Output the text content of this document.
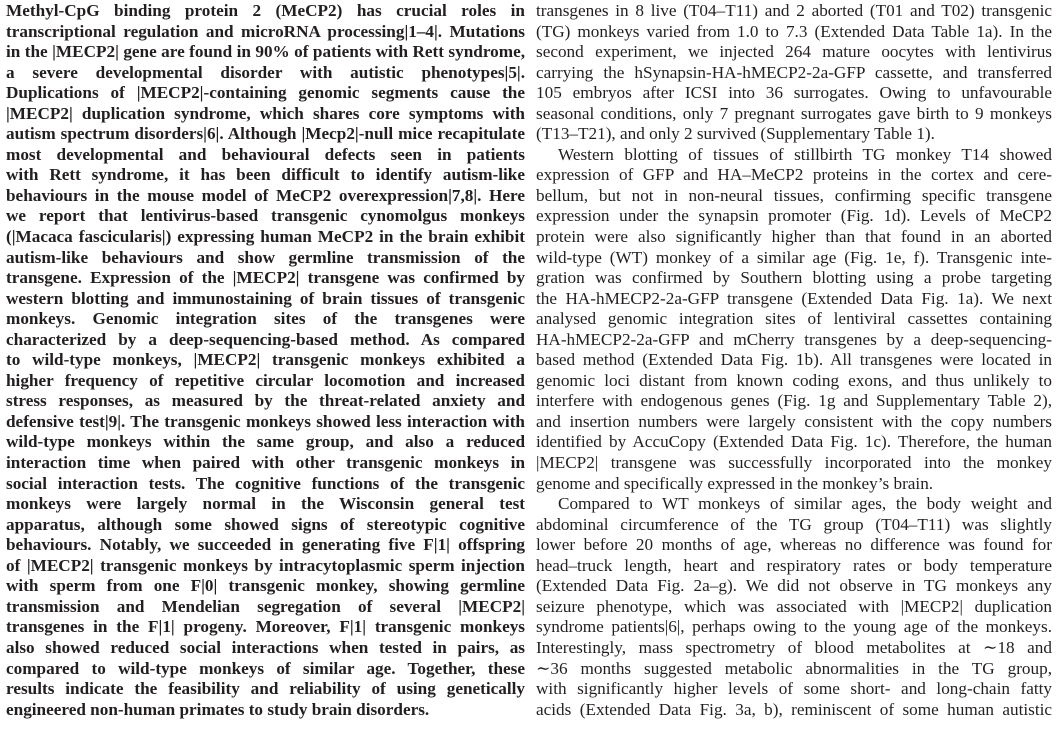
Methyl-CpG binding protein 2 (MeCP2) has crucial roles in
transcriptional regulation and microRNA processing|1–4|. Mutations
in the |MECP2| gene are found in 90% of patients with Rett syndrome,
a severe developmental disorder with autistic phenotypes|5|.
Duplications of |MECP2|-containing genomic segments cause the
|MECP2| duplication syndrome, which shares core symptoms with
autism spectrum disorders|6|. Although |Mecp2|-null mice recapitulate
most developmental and behavioural defects seen in patients
with Rett syndrome, it has been difficult to identify autism-like
behaviours in the mouse model of MeCP2 overexpression|7,8|. Here
we report that lentivirus-based transgenic cynomolgus monkeys
(|Macaca fascicularis|) expressing human MeCP2 in the brain exhibit
autism-like behaviours and show germline transmission of the
transgene. Expression of the |MECP2| transgene was confirmed by
western blotting and immunostaining of brain tissues of transgenic
monkeys. Genomic integration sites of the transgenes were
characterized by a deep-sequencing-based method. As compared
to wild-type monkeys, |MECP2| transgenic monkeys exhibited a
higher frequency of repetitive circular locomotion and increased
stress responses, as measured by the threat-related anxiety and
defensive test|9|. The transgenic monkeys showed less interaction with
wild-type monkeys within the same group, and also a reduced
interaction time when paired with other transgenic monkeys in
social interaction tests. The cognitive functions of the transgenic
monkeys were largely normal in the Wisconsin general test
apparatus, although some showed signs of stereotypic cognitive
behaviours. Notably, we succeeded in generating five F|1| offspring
of |MECP2| transgenic monkeys by intracytoplasmic sperm injection
with sperm from one F|0| transgenic monkey, showing germline
transmission and Mendelian segregation of several |MECP2|
transgenes in the F|1| progeny. Moreover, F|1| transgenic monkeys
also showed reduced social interactions when tested in pairs, as
compared to wild-type monkeys of similar age. Together, these
results indicate the feasibility and reliability of using genetically
engineered non-human primates to study brain disorders.
transgenes in 8 live (T04–T11) and 2 aborted (T01 and T02) transgenic
(TG) monkeys varied from 1.0 to 7.3 (Extended Data Table 1a). In the
second experiment, we injected 264 mature oocytes with lentivirus
carrying the hSynapsin-HA-hMECP2-2a-GFP cassette, and transferred
105 embryos after ICSI into 36 surrogates. Owing to unfavourable
seasonal conditions, only 7 pregnant surrogates gave birth to 9 monkeys
(T13–T21), and only 2 survived (Supplementary Table 1).
Western blotting of tissues of stillbirth TG monkey T14 showed
expression of GFP and HA–MeCP2 proteins in the cortex and cere-
bellum, but not in non-neural tissues, confirming specific transgene
expression under the synapsin promoter (Fig. 1d). Levels of MeCP2
protein were also significantly higher than that found in an aborted
wild-type (WT) monkey of a similar age (Fig. 1e, f). Transgenic inte-
gration was confirmed by Southern blotting using a probe targeting
the HA-hMECP2-2a-GFP transgene (Extended Data Fig. 1a). We next
analysed genomic integration sites of lentiviral cassettes containing
HA-hMECP2-2a-GFP and mCherry transgenes by a deep-sequencing-
based method (Extended Data Fig. 1b). All transgenes were located in
genomic loci distant from known coding exons, and thus unlikely to
interfere with endogenous genes (Fig. 1g and Supplementary Table 2),
and insertion numbers were largely consistent with the copy numbers
identified by AccuCopy (Extended Data Fig. 1c). Therefore, the human
|MECP2| transgene was successfully incorporated into the monkey
genome and specifically expressed in the monkey’s brain.
Compared to WT monkeys of similar ages, the body weight and
abdominal circumference of the TG group (T04–T11) was slightly
lower before 20 months of age, whereas no difference was found for
head–truck length, heart and respiratory rates or body temperature
(Extended Data Fig. 2a–g). We did not observe in TG monkeys any
seizure phenotype, which was associated with |MECP2| duplication
syndrome patients|6|, perhaps owing to the young age of the monkeys.
Interestingly, mass spectrometry of blood metabolites at ∼18 and
∼36 months suggested metabolic abnormalities in the TG group,
with significantly higher levels of some short- and long-chain fatty
acids (Extended Data Fig. 3a, b), reminiscent of some human autistic
